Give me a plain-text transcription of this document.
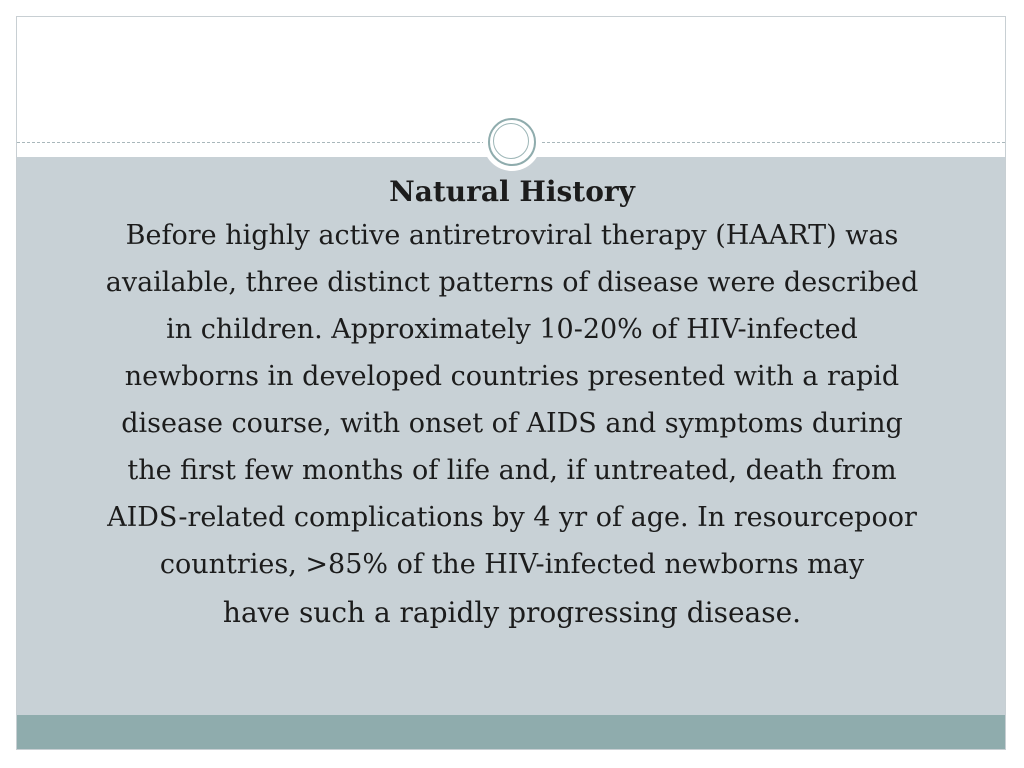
Natural History

Before highly active antiretroviral therapy (HAART) was

available, three distinct patterns of disease were described

in children. Approximately 10-20% of HIV-infected

newborns in developed countries presented with a rapid

disease course, with onset of AIDS and symptoms during

the first few months of life and, if untreated, death from

AIDS-related complications by 4 yr of age. In resourcepoor

countries, >85% of the HIV-infected newborns may

have such a rapidly progressing disease.
